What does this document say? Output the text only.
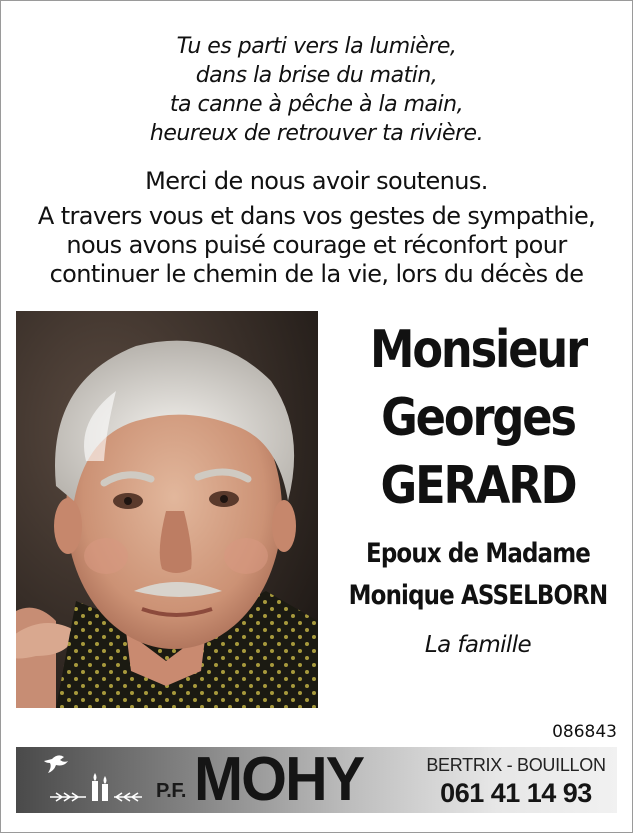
Tu es parti vers la lumière,
dans la brise du matin,
ta canne à pêche à la main,
heureux de retrouver ta rivière.
Merci de nous avoir soutenus.
A travers vous et dans vos gestes de sympathie,
nous avons puisé courage et réconfort pour
continuer le chemin de la vie, lors du décès de
Monsieur
Georges
GERARD
Epoux de Madame
Monique ASSELBORN
La famille
086843
P.F. MOHY	BERTRIX - BOUILLON
061 41 14 93
